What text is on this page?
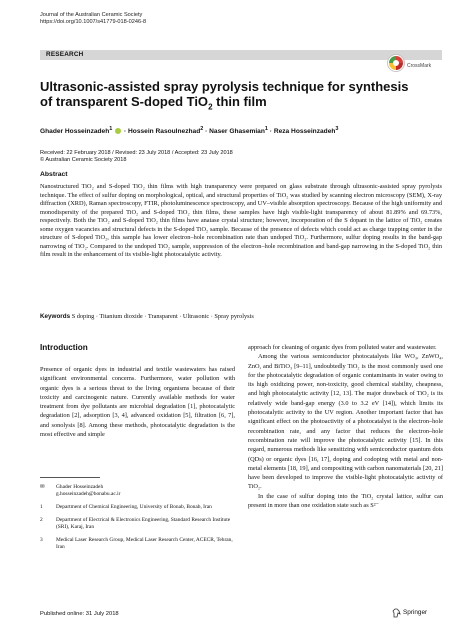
Journal of the Australian Ceramic Society
https://doi.org/10.1007/s41779-018-0246-8
RESEARCH
CrossMark
Ultrasonic-assisted spray pyrolysis technique for synthesis
of transparent S-doped TiO$_2$ thin film
Ghader Hosseinzadeh$^1$  · Hossein Rasoulnezhad$^2$ · Naser Ghasemian$^1$ · Reza Hosseinzadeh$^3$
Received: 22 February 2018 / Revised: 23 July 2018 / Accepted: 23 July 2018
© Australian Ceramic Society 2018
Abstract
Nanostructured TiO₂ and S-doped TiO₂ thin films with high transparency were prepared on glass substrate through ultrasonic-assisted spray pyrolysis technique. The effect of sulfur doping on morphological, optical, and structural properties of TiO₂ was studied by scanning electron microscopy (SEM), X-ray diffraction (XRD), Raman spectroscopy, FTIR, photoluminescence spectroscopy, and UV–visible absorption spectroscopy. Because of the high uniformity and monodispersity of the prepared TiO₂ and S-doped TiO₂ thin films, these samples have high visible-light transparency of about 81.89% and 69.73%, respectively. Both the TiO₂ and S-doped TiO₂ thin films have anatase crystal structure; however, incorporation of the S dopant in the lattice of TiO₂ creates some oxygen vacancies and structural defects in the S-doped TiO₂ sample. Because of the presence of defects which could act as charge trapping center in the structure of S-doped TiO₂, this sample has lower electron–hole recombination rate than undoped TiO₂. Furthermore, sulfur doping results in the band-gap narrowing of TiO₂. Compared to the undoped TiO₂ sample, suppression of the electron–hole recombination and band-gap narrowing in the S-doped TiO₂ thin film result in the enhancement of its visible-light photocatalytic activity.
Keywords S doping · Titanium dioxide · Transparent · Ultrasonic · Spray pyrolysis
Introduction

Presence of organic dyes in industrial and textile wastewaters has raised significant environmental concerns. Furthermore, water pollution with organic dyes is a serious threat to the living organisms because of their toxicity and carcinogenic nature. Currently available methods for water treatment from dye pollutants are microbial degradation [1], photocatalytic degradation [2], adsorption [3, 4], advanced oxidation [5], filtration [6, 7], and sonolysis [8]. Among these methods, photocatalytic degradation is the most effective and simple

approach for cleaning of organic dyes from polluted water and wastewater.

Among the various semiconductor photocatalysts like WO₃, ZnWO₄, ZnO, and BiTiO₃ [9–11], undoubtedly TiO₂ is the most commonly used one for the photocatalytic degradation of organic contaminants in water owing to its high oxidizing power, non-toxicity, good chemical stability, cheapness, and high photocatalytic activity [12, 13]. The major drawback of TiO₂ is its relatively wide band-gap energy (3.0 to 3.2 eV [14]), which limits its photocatalytic activity to the UV region. Another important factor that has significant effect on the photoactivity of a photocatalyst is the electron–hole recombination rate, and any factor that reduces the electron–hole recombination rate will improve the photocatalytic activity [15]. In this regard, numerous methods like sensitizing with semiconductor quantum dots (QDs) or organic dyes [16, 17], doping and codoping with metal and non-metal elements [18, 19], and compositing with carbon nanomaterials [20, 21] have been developed to improve the visible-light photocatalytic activity of TiO₂.

In the case of sulfur doping into the TiO₂ crystal lattice, sulfur can present in more than one oxidation state such as S²⁻

✉	Ghader Hosseinzadeh
g.hosseinzadeh@bonabu.ac.ir
1	Department of Chemical Engineering, University of Bonab, Bonab, Iran
2	Department of Electrical & Electronics Engineering, Standard Research Institute (SRI), Karaj, Iran
3	Medical Laser Research Group, Medical Laser Research Center, ACECR, Tehran, Iran
Published online: 31 July 2018	Springer
